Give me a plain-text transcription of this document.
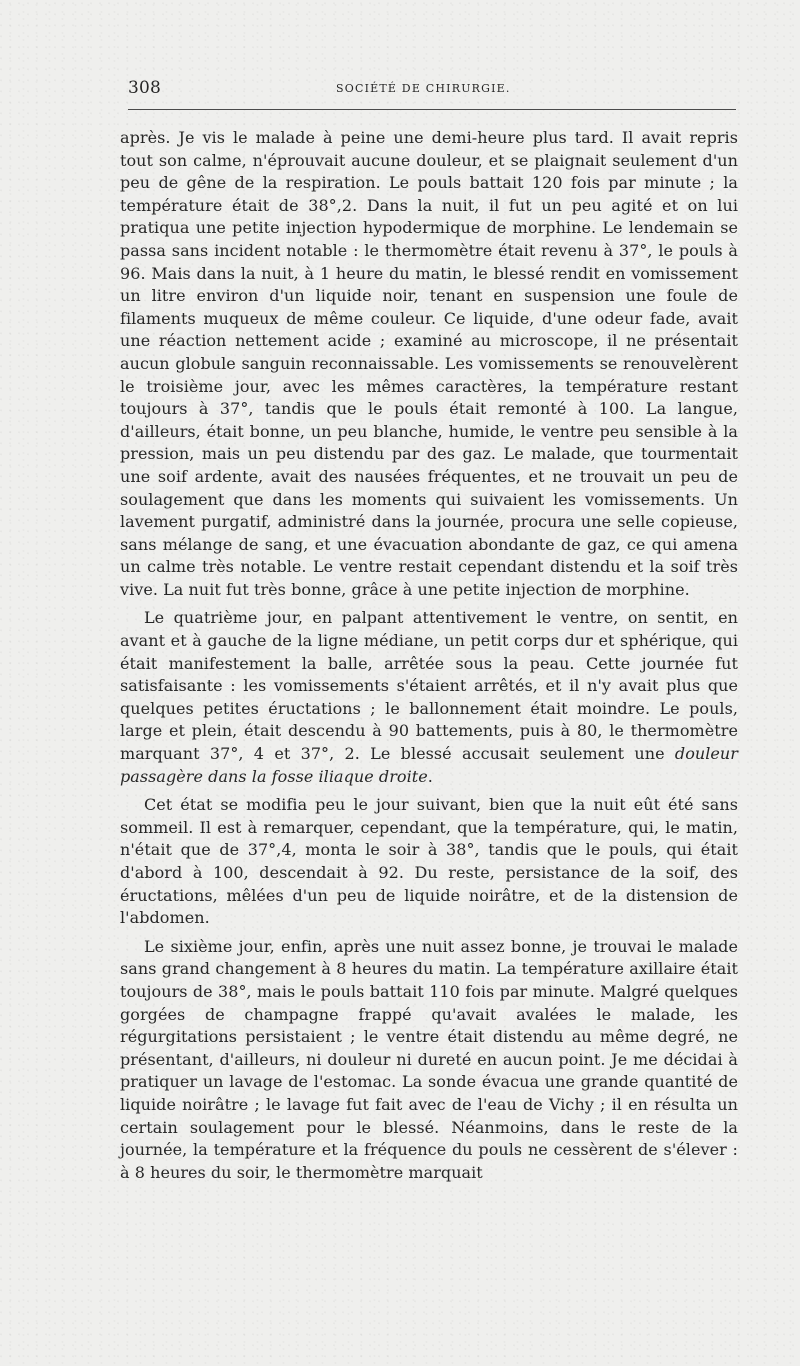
308	SOCIÉTÉ DE CHIRURGIE.

après. Je vis le malade à peine une demi-heure plus tard. Il avait repris tout son calme, n'éprouvait aucune douleur, et se plaignait seulement d'un peu de gêne de la respiration. Le pouls battait 120 fois par minute ; la température était de 38°,2. Dans la nuit, il fut un peu agité et on lui pratiqua une petite injection hypodermique de morphine. Le lendemain se passa sans incident notable : le thermomètre était revenu à 37°, le pouls à 96. Mais dans la nuit, à 1 heure du matin, le blessé rendit en vomissement un litre environ d'un liquide noir, tenant en suspension une foule de filaments muqueux de même couleur. Ce liquide, d'une odeur fade, avait une réaction nettement acide ; examiné au microscope, il ne présentait aucun globule sanguin reconnaissable. Les vomissements se renouvelèrent le troisième jour, avec les mêmes caractères, la température restant toujours à 37°, tandis que le pouls était remonté à 100. La langue, d'ailleurs, était bonne, un peu blanche, humide, le ventre peu sensible à la pression, mais un peu distendu par des gaz. Le malade, que tourmentait une soif ardente, avait des nausées fréquentes, et ne trouvait un peu de soulagement que dans les moments qui suivaient les vomissements. Un lavement purgatif, administré dans la journée, procura une selle copieuse, sans mélange de sang, et une évacuation abondante de gaz, ce qui amena un calme très notable. Le ventre restait cependant distendu et la soif très vive. La nuit fut très bonne, grâce à une petite injection de morphine.

Le quatrième jour, en palpant attentivement le ventre, on sentit, en avant et à gauche de la ligne médiane, un petit corps dur et sphérique, qui était manifestement la balle, arrêtée sous la peau. Cette journée fut satisfaisante : les vomissements s'étaient arrêtés, et il n'y avait plus que quelques petites éructations ; le ballonnement était moindre. Le pouls, large et plein, était descendu à 90 battements, puis à 80, le thermomètre marquant 37°, 4 et 37°, 2. Le blessé accusait seulement une douleur passagère dans la fosse iliaque droite.

Cet état se modifia peu le jour suivant, bien que la nuit eût été sans sommeil. Il est à remarquer, cependant, que la température, qui, le matin, n'était que de 37°,4, monta le soir à 38°, tandis que le pouls, qui était d'abord à 100, descendait à 92. Du reste, persistance de la soif, des éructations, mêlées d'un peu de liquide noirâtre, et de la distension de l'abdomen.

Le sixième jour, enfin, après une nuit assez bonne, je trouvai le malade sans grand changement à 8 heures du matin. La température axillaire était toujours de 38°, mais le pouls battait 110 fois par minute. Malgré quelques gorgées de champagne frappé qu'avait avalées le malade, les régurgitations persistaient ; le ventre était distendu au même degré, ne présentant, d'ailleurs, ni douleur ni dureté en aucun point. Je me décidai à pratiquer un lavage de l'estomac. La sonde évacua une grande quantité de liquide noirâtre ; le lavage fut fait avec de l'eau de Vichy ; il en résulta un certain soulagement pour le blessé. Néanmoins, dans le reste de la journée, la température et la fréquence du pouls ne cessèrent de s'élever : à 8 heures du soir, le thermomètre marquait
